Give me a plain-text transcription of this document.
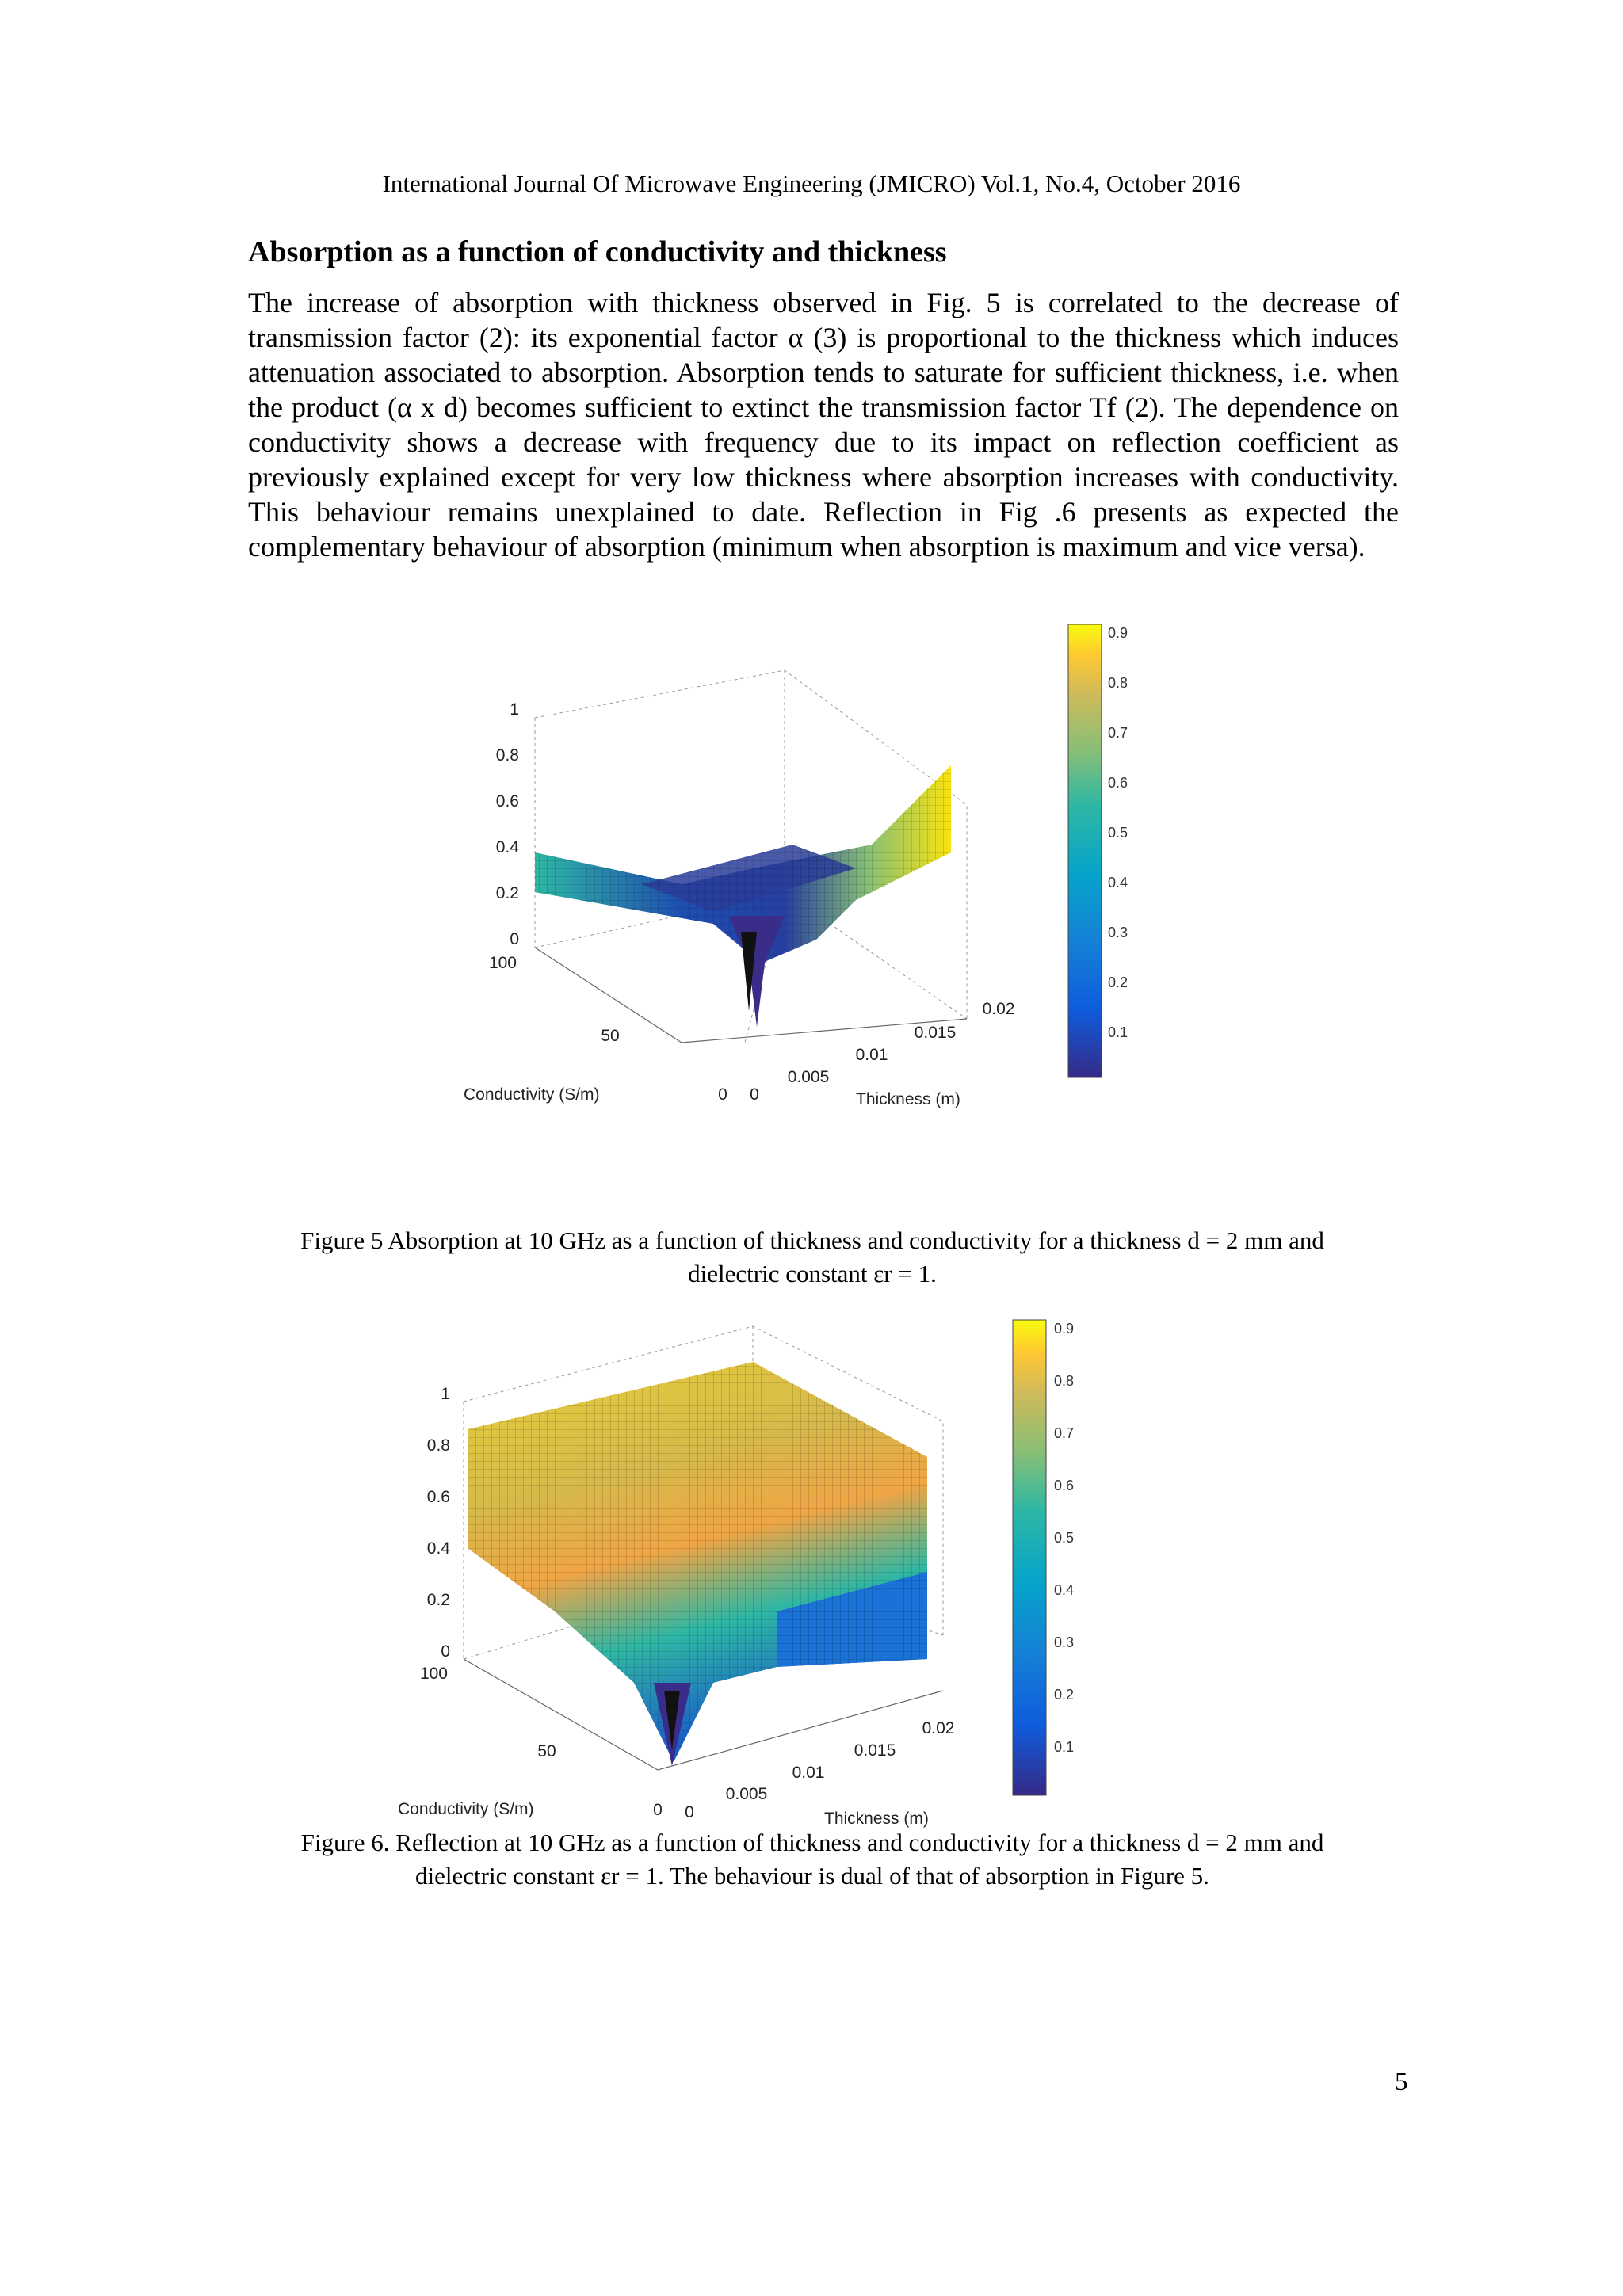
International Journal Of Microwave Engineering (JMICRO) Vol.1, No.4, October 2016
Absorption as a function of conductivity and thickness

The increase of absorption with thickness observed in Fig. 5 is correlated to the decrease of transmission factor (2): its exponential factor α (3) is proportional to the thickness which induces attenuation associated to absorption. Absorption tends to saturate for sufficient thickness, i.e. when the product (α x d) becomes sufficient to extinct the transmission factor Tf (2). The dependence on conductivity shows a decrease with frequency due to its impact on reflection coefficient as previously explained except for very low thickness where absorption increases with conductivity. This behaviour remains unexplained to date. Reflection in Fig .6 presents as expected the complementary behaviour of absorption (minimum when absorption is maximum and vice versa).

0
0.2
0.4
0.6
0.8
1
100
50
0
Conductivity (S/m)	0
0.005
0.01
0.015
0.02
Thickness (m)
0.1
0.2
0.3
0.4
0.5
0.6
0.7
0.8
0.9
Figure 5 Absorption at 10 GHz as a function of thickness and conductivity for a thickness d = 2 mm and
dielectric constant εr = 1.
0
0.2
0.4
0.6
0.8
1
100
50
0
Conductivity (S/m)	0
0.005
0.01
0.015
0.02
Thickness (m)
0.1
0.2
0.3
0.4
0.5
0.6
0.7
0.8
0.9
Figure 6. Reflection at 10 GHz as a function of thickness and conductivity for a thickness d = 2 mm and
dielectric constant εr = 1. The behaviour is dual of that of absorption in Figure 5.
5
